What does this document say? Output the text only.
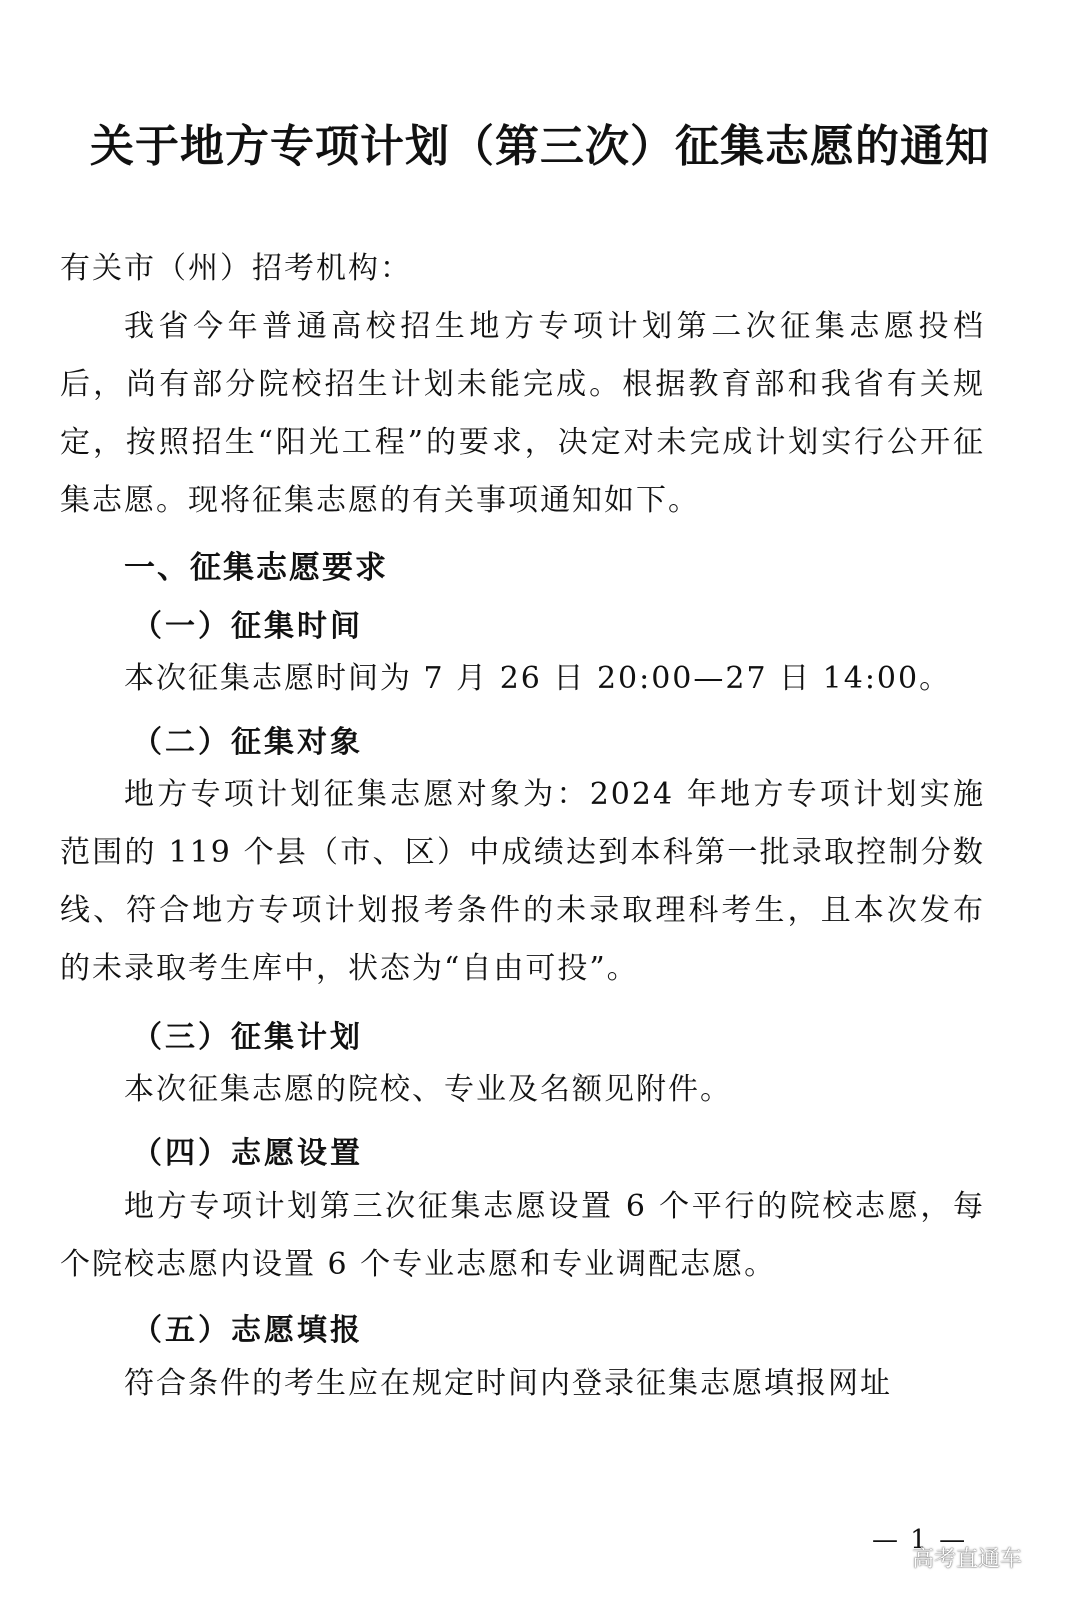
关于地方专项计划（第三次）征集志愿的通知
有关市（州）招考机构：

我省今年普通高校招生地方专项计划第二次征集志愿投档后，尚有部分院校招生计划未能完成。根据教育部和我省有关规定，按照招生“阳光工程”的要求，决定对未完成计划实行公开征集志愿。现将征集志愿的有关事项通知如下。

一、征集志愿要求
（一）征集时间

本次征集志愿时间为 7 月 26 日 20:00—27 日 14:00。

（二）征集对象

地方专项计划征集志愿对象为：2024 年地方专项计划实施范围的 119 个县（市、区）中成绩达到本科第一批录取控制分数线、符合地方专项计划报考条件的未录取理科考生，且本次发布的未录取考生库中，状态为“自由可投”。

（三）征集计划

本次征集志愿的院校、专业及名额见附件。

（四）志愿设置

地方专项计划第三次征集志愿设置 6 个平行的院校志愿，每个院校志愿内设置 6 个专业志愿和专业调配志愿。

（五）志愿填报

符合条件的考生应在规定时间内登录征集志愿填报网址

— 1 —
高考直通车
